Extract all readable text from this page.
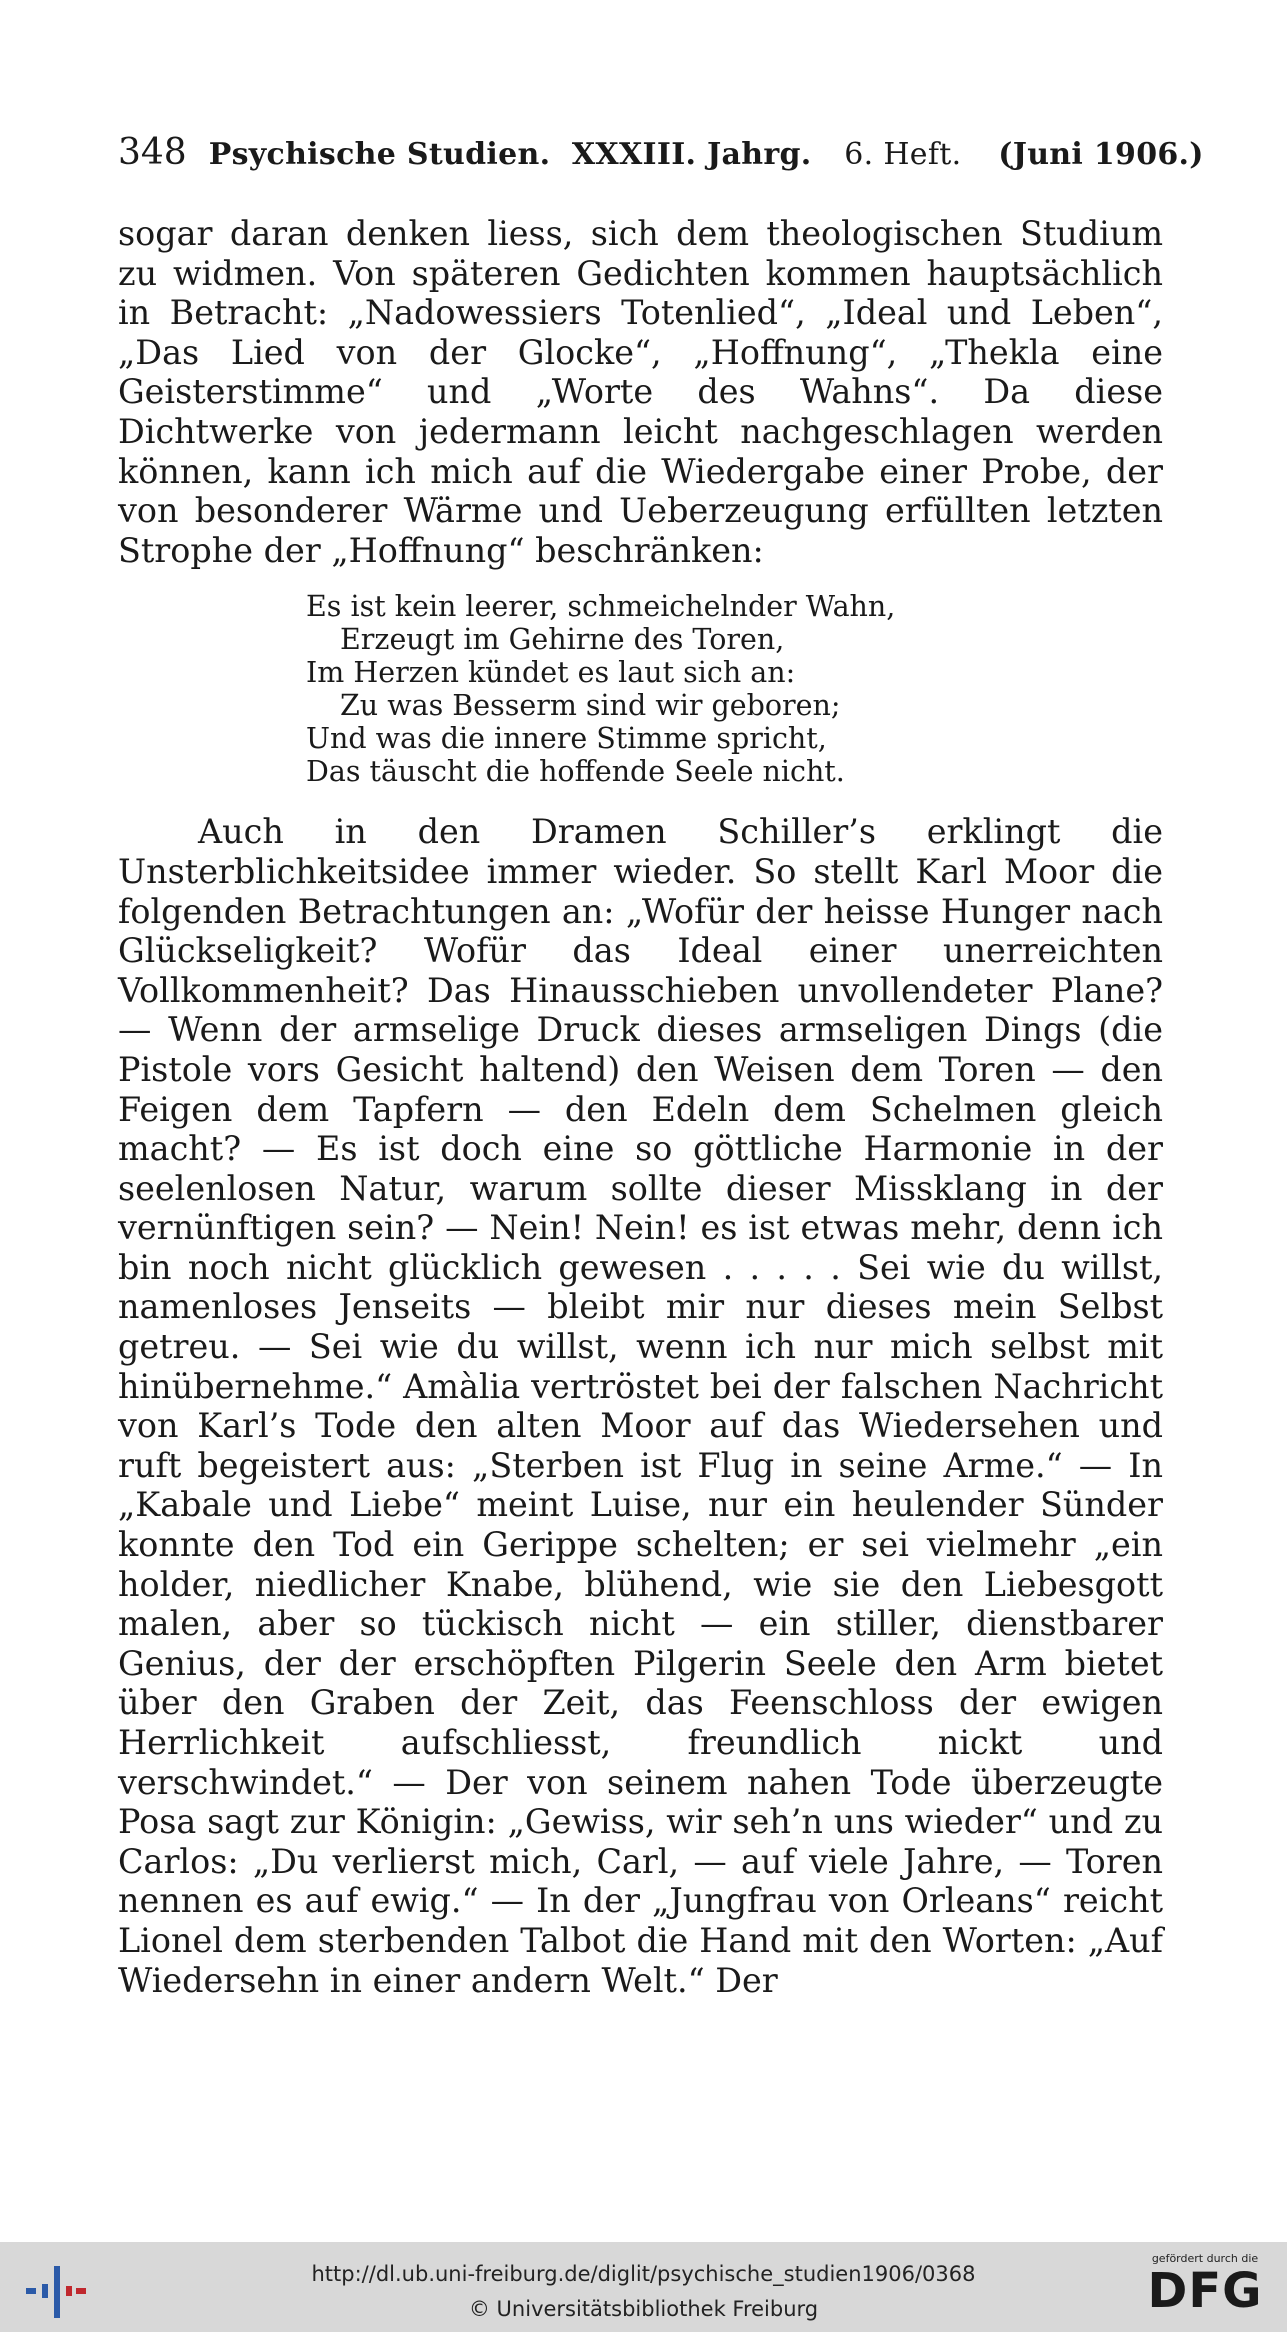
348 Psychische Studien. XXXIII. Jahrg. 6. Heft. (Juni 1906.)

sogar daran denken liess, sich dem theologischen Studium zu widmen. Von späteren Gedichten kommen hauptsächlich in Betracht: „Nadowessiers Totenlied“, „Ideal und Leben“, „Das Lied von der Glocke“, „Hoffnung“, „Thekla eine Geisterstimme“ und „Worte des Wahns“. Da diese Dichtwerke von jedermann leicht nachgeschlagen werden können, kann ich mich auf die Wiedergabe einer Probe, der von besonderer Wärme und Ueberzeugung erfüllten letzten Strophe der „Hoffnung“ beschränken:

Es ist kein leerer, schmeichelnder Wahn,
Erzeugt im Gehirne des Toren,
Im Herzen kündet es laut sich an:
Zu was Besserm sind wir geboren;
Und was die innere Stimme spricht,
Das täuscht die hoffende Seele nicht.

Auch in den Dramen Schiller’s erklingt die Unsterblichkeitsidee immer wieder. So stellt Karl Moor die folgenden Betrachtungen an: „Wofür der heisse Hunger nach Glückseligkeit? Wofür das Ideal einer unerreichten Vollkommenheit? Das Hinausschieben unvollendeter Plane? — Wenn der armselige Druck dieses armseligen Dings (die Pistole vors Gesicht haltend) den Weisen dem Toren — den Feigen dem Tapfern — den Edeln dem Schelmen gleich macht? — Es ist doch eine so göttliche Harmonie in der seelenlosen Natur, warum sollte dieser Missklang in der vernünftigen sein? — Nein! Nein! es ist etwas mehr, denn ich bin noch nicht glücklich gewesen . . . . . Sei wie du willst, namenloses Jenseits — bleibt mir nur dieses mein Selbst getreu. — Sei wie du willst, wenn ich nur mich selbst mit hinübernehme.“ Amàlia vertröstet bei der falschen Nachricht von Karl’s Tode den alten Moor auf das Wiedersehen und ruft begeistert aus: „Sterben ist Flug in seine Arme.“ — In „Kabale und Liebe“ meint Luise, nur ein heulender Sünder konnte den Tod ein Gerippe schelten; er sei vielmehr „ein holder, niedlicher Knabe, blühend, wie sie den Liebesgott malen, aber so tückisch nicht — ein stiller, dienstbarer Genius, der der erschöpften Pilgerin Seele den Arm bietet über den Graben der Zeit, das Feenschloss der ewigen Herrlichkeit aufschliesst, freundlich nickt und verschwindet.“ — Der von seinem nahen Tode überzeugte Posa sagt zur Königin: „Gewiss, wir seh’n uns wieder“ und zu Carlos: „Du verlierst mich, Carl, — auf viele Jahre, — Toren nennen es auf ewig.“ — In der „Jungfrau von Orleans“ reicht Lionel dem sterbenden Talbot die Hand mit den Worten: „Auf Wiedersehn in einer andern Welt.“ Der

http://dl.ub.uni-freiburg.de/diglit/psychische_studien1906/0368
© Universitätsbibliothek Freiburg
gefördert durch die
DFG
